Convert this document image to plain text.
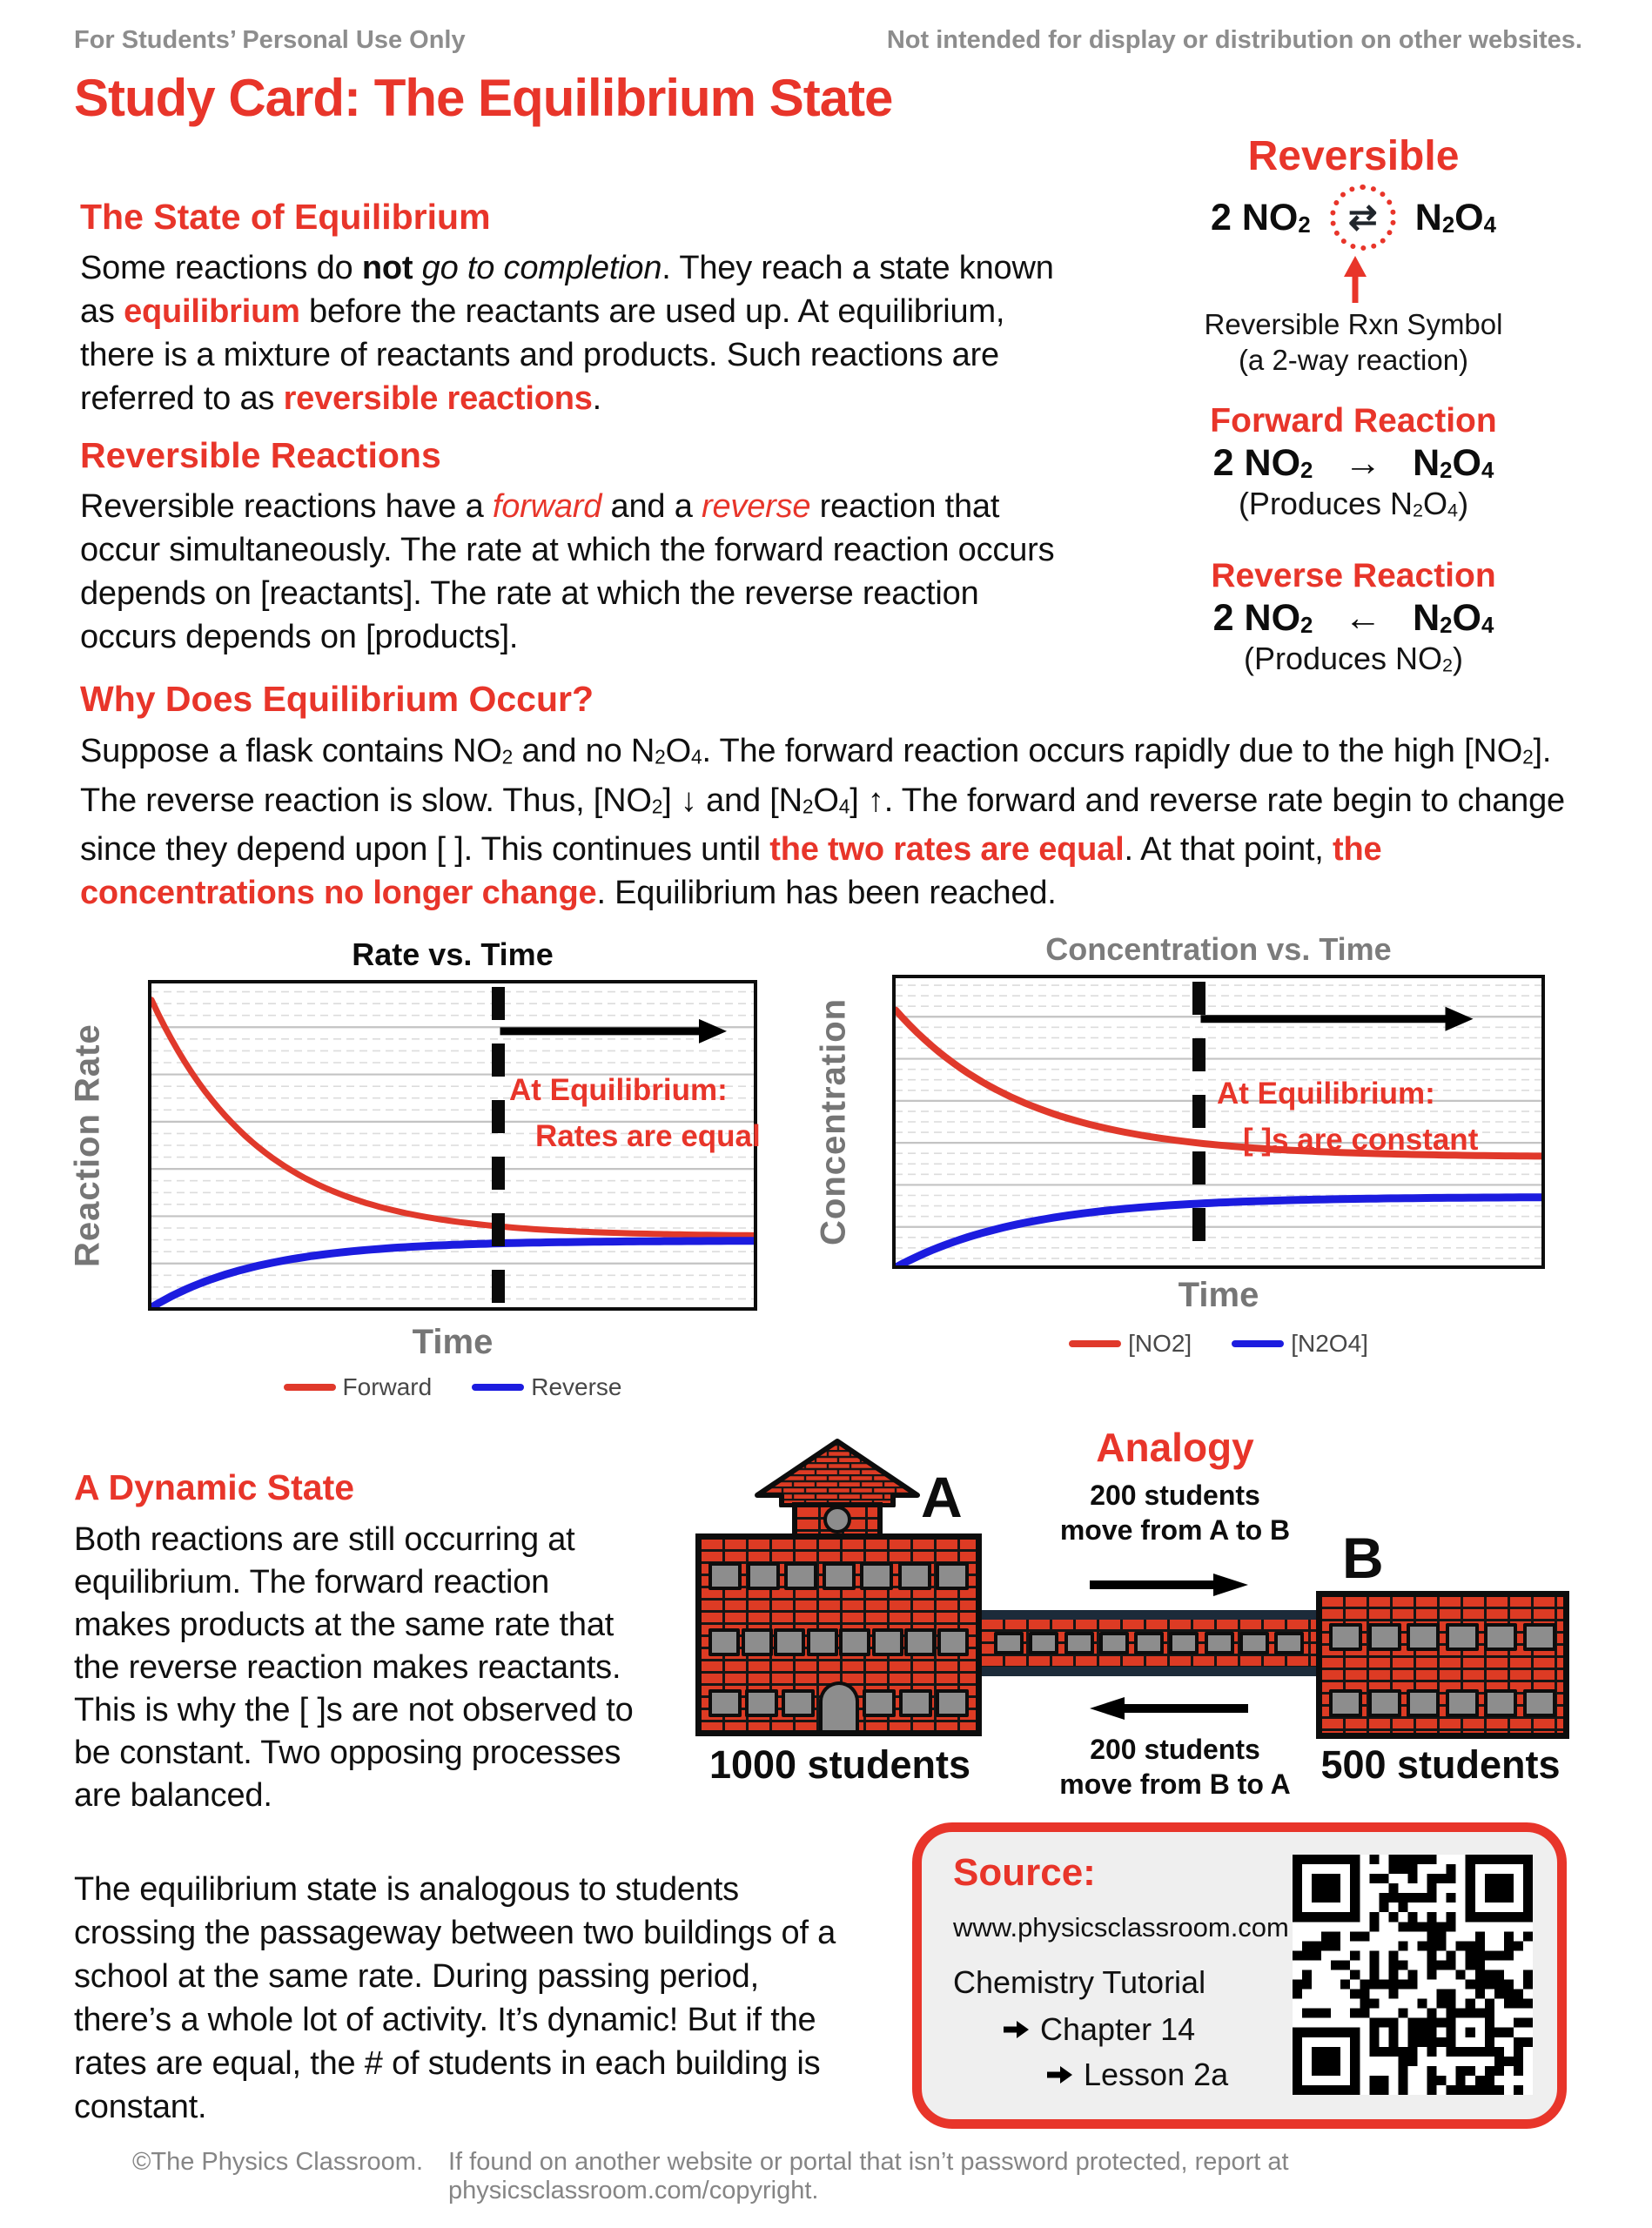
For Students’ Personal Use Only	Not intended for display or distribution on other websites.
Study Card: The Equilibrium State
The State of Equilibrium
Some reactions do not go to completion. They reach a state known as equilibrium before the reactants are used up. At equilibrium, there is a mixture of reactants and products. Such reactions are referred to as reversible reactions.
Reversible Reactions
Reversible reactions have a forward and a reverse reaction that occur simultaneously. The rate at which the forward reaction occurs depends on [reactants]. The rate at which the reverse reaction occurs depends on [products].
Why Does Equilibrium Occur?
Suppose a flask contains NO2 and no N2O4. The forward reaction occurs rapidly due to the high [NO2]. The reverse reaction is slow. Thus, [NO2] ↓ and [N2O4] ↑. The forward and reverse rate begin to change since they depend upon [ ]. This continues until the two rates are equal. At that point, the concentrations no longer change. Equilibrium has been reached.
Reversible
2 NO2	⇄	N2O4
Reversible Rxn Symbol
(a 2-way reaction)
Forward Reaction
2 NO2   →   N2O4
(Produces N2O4)
Reverse Reaction
2 NO2   ←   N2O4
(Produces NO2)
Rate vs. Time
Reaction Rate
Time
At Equilibrium:
Rates are equal
Forward	Reverse
Concentration vs. Time
Concentration
Time
At Equilibrium:
[ ]s are constant
[NO2]	[N2O4]
A Dynamic State
Both reactions are still occurring at equilibrium. The forward reaction makes products at the same rate that the reverse reaction makes reactants. This is why the [ ]s are not observed to be constant. Two opposing processes are balanced.
The equilibrium state is analogous to students crossing the passageway between two buildings of a school at the same rate. During passing period, there’s a whole lot of activity. It’s dynamic! But if the rates are equal, the # of students in each building is constant.
Analogy
200 students
move from A to B
A
B
200 students
move from B to A
1000 students	500 students
Source:
www.physicsclassroom.com
Chemistry Tutorial
Chapter 14
Lesson 2a
©The Physics Classroom. If found on another website or portal that isn’t password protected, report at physicsclassroom.com/copyright.
